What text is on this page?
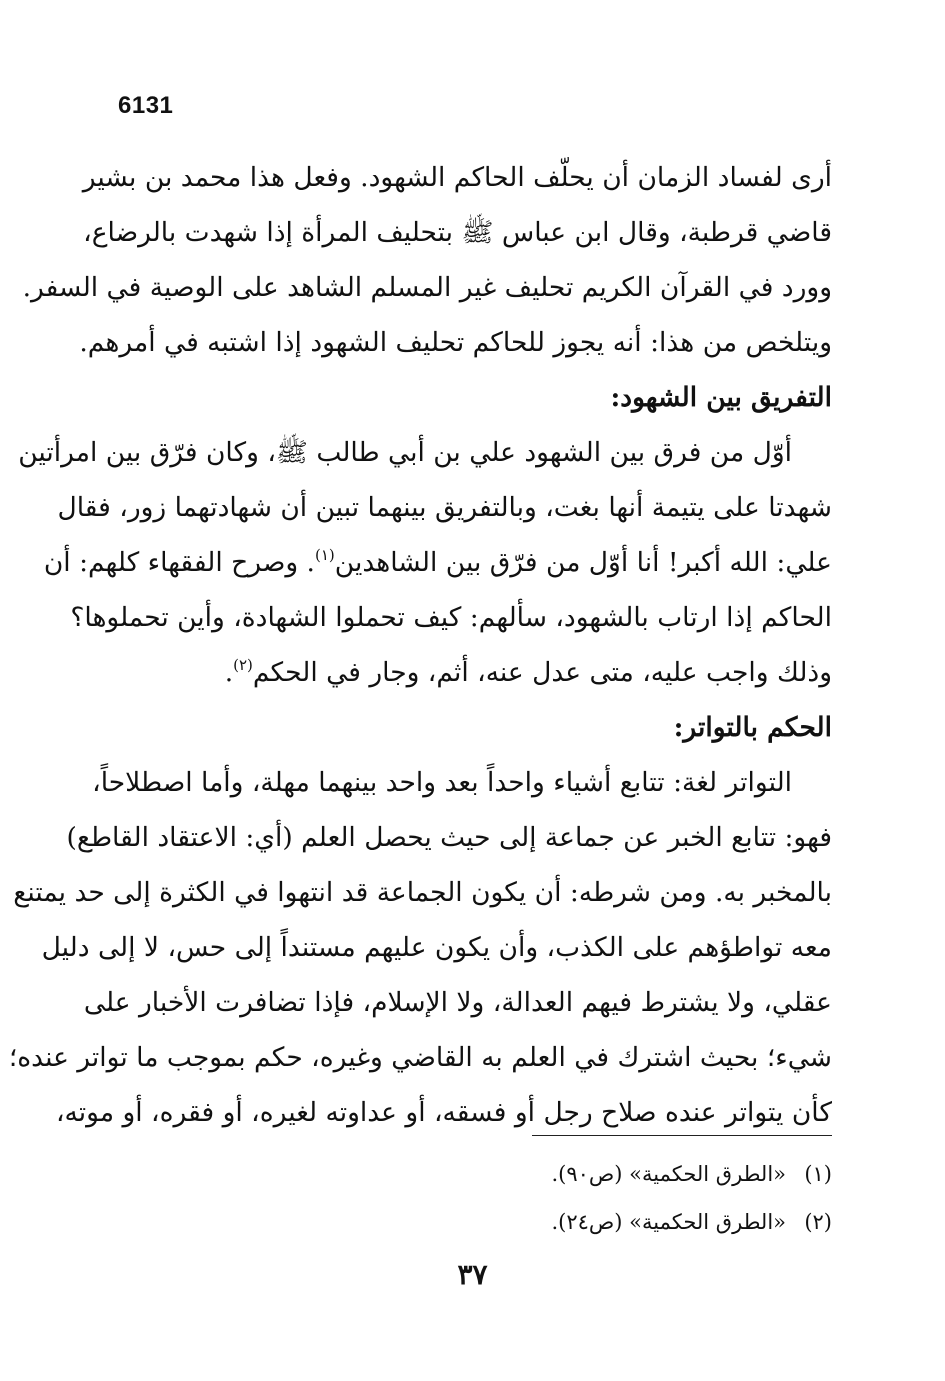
6131
أرى لفساد الزمان أن يحلّف الحاكم الشهود. وفعل هذا محمد بن بشير
قاضي قرطبة، وقال ابن عباس ﷺ بتحليف المرأة إذا شهدت بالرضاع،
وورد في القرآن الكريم تحليف غير المسلم الشاهد على الوصية في السفر.
ويتلخص من هذا: أنه يجوز للحاكم تحليف الشهود إذا اشتبه في أمرهم.
التفريق بين الشهود:
أوّل من فرق بين الشهود علي بن أبي طالب ﷺ، وكان فرّق بين امرأتين
شهدتا على يتيمة أنها بغت، وبالتفريق بينهما تبين أن شهادتهما زور، فقال
علي: الله أكبر! أنا أوّل من فرّق بين الشاهدين$^{(١)}$. وصرح الفقهاء كلهم: أن
الحاكم إذا ارتاب بالشهود، سألهم: كيف تحملوا الشهادة، وأين تحملوها؟
وذلك واجب عليه، متى عدل عنه، أثم، وجار في الحكم$^{(٢)}$.
الحكم بالتواتر:
التواتر لغة: تتابع أشياء واحداً بعد واحد بينهما مهلة، وأما اصطلاحاً،
فهو: تتابع الخبر عن جماعة إلى حيث يحصل العلم (أي: الاعتقاد القاطع)
بالمخبر به. ومن شرطه: أن يكون الجماعة قد انتهوا في الكثرة إلى حد يمتنع
معه تواطؤهم على الكذب، وأن يكون عليهم مستنداً إلى حس، لا إلى دليل
عقلي، ولا يشترط فيهم العدالة، ولا الإسلام، فإذا تضافرت الأخبار على
شيء؛ بحيث اشترك في العلم به القاضي وغيره، حكم بموجب ما تواتر عنده؛
كأن يتواتر عنده صلاح رجل أو فسقه، أو عداوته لغيره، أو فقره، أو موته،
(١)«الطرق الحكمية» (ص٩٠).
(٢)«الطرق الحكمية» (ص٢٤).
٣٧
